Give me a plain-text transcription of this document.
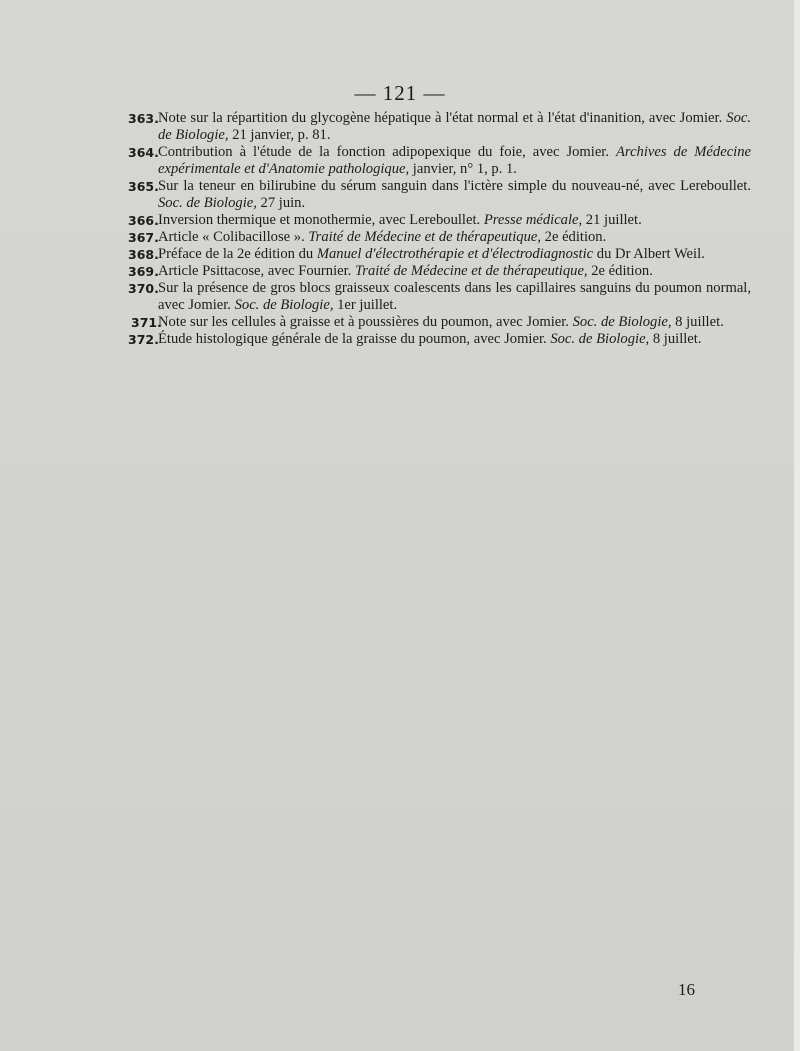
— 121 —
363. Note sur la répartition du glycogène hépatique à l'état normal et à l'état d'inanition, avec Jomier. Soc. de Biologie, 21 janvier, p. 81.
364. Contribution à l'étude de la fonction adipopexique du foie, avec Jomier. Archives de Médecine expérimentale et d'Anatomie pathologique, janvier, n° 1, p. 1.
365. Sur la teneur en bilirubine du sérum sanguin dans l'ictère simple du nouveau-né, avec Lereboullet. Soc. de Biologie, 27 juin.
366. Inversion thermique et monothermie, avec Lereboullet. Presse médicale, 21 juillet.
367. Article « Colibacillose ». Traité de Médecine et de thérapeutique, 2e édition.
368. Préface de la 2e édition du Manuel d'électrothérapie et d'électrodiagnostic du Dr Albert Weil.
369. Article Psittacose, avec Fournier. Traité de Médecine et de thérapeutique, 2e édition.
370. Sur la présence de gros blocs graisseux coalescents dans les capillaires sanguins du poumon normal, avec Jomier. Soc. de Biologie, 1er juillet.
371.
Note sur les cellules à graisse et à poussières du poumon, avec Jomier. Soc. de Biologie, 8 juillet.
372. Étude histologique générale de la graisse du poumon, avec Jomier. Soc. de Biologie, 8 juillet.
16
